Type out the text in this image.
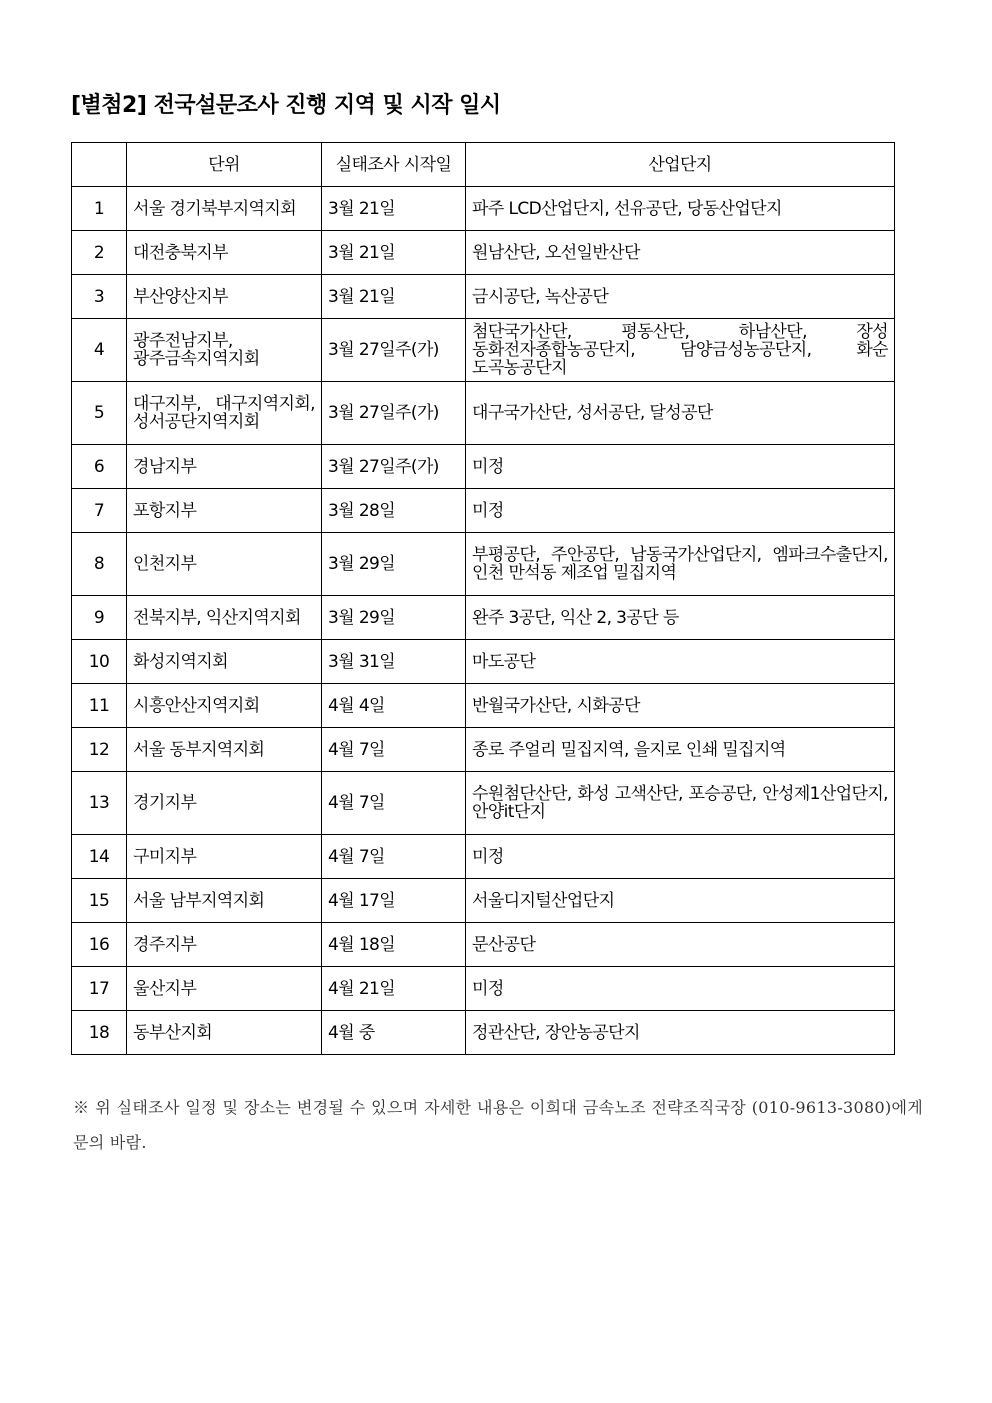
[별첨2] 전국설문조사 진행 지역 및 시작 일시
	단위	실태조사 시작일	산업단지
1	서울 경기북부지역지회	3월 21일	파주 LCD산업단지, 선유공단, 당동산업단지
2	대전충북지부	3월 21일	원남산단, 오선일반산단
3	부산양산지부	3월 21일	금시공단, 녹산공단
4	광주전남지부, 광주금속지역지회	3월 27일주(가)	첨단국가산단, 평동산단, 하남산단, 장성 동화전자종합농공단지, 담양금성농공단지, 화순 도곡농공단지
5	대구지부, 대구지역지회, 성서공단지역지회	3월 27일주(가)	대구국가산단, 성서공단, 달성공단
6	경남지부	3월 27일주(가)	미정
7	포항지부	3월 28일	미정
8	인천지부	3월 29일	부평공단, 주안공단, 남동국가산업단지, 엠파크수출단지, 인천 만석동 제조업 밀집지역
9	전북지부, 익산지역지회	3월 29일	완주 3공단, 익산 2, 3공단 등
10	화성지역지회	3월 31일	마도공단
11	시흥안산지역지회	4월 4일	반월국가산단, 시화공단
12	서울 동부지역지회	4월 7일	종로 주얼리 밀집지역, 을지로 인쇄 밀집지역
13	경기지부	4월 7일	수원첨단산단, 화성 고색산단, 포승공단, 안성제1산업단지, 안양it단지
14	구미지부	4월 7일	미정
15	서울 남부지역지회	4월 17일	서울디지털산업단지
16	경주지부	4월 18일	문산공단
17	울산지부	4월 21일	미정
18	동부산지회	4월 중	정관산단, 장안농공단지
※ 위 실태조사 일정 및 장소는 변경될 수 있으며 자세한 내용은 이희대 금속노조 전략조직국장 (010-9613-3080)에게 문의 바람.
